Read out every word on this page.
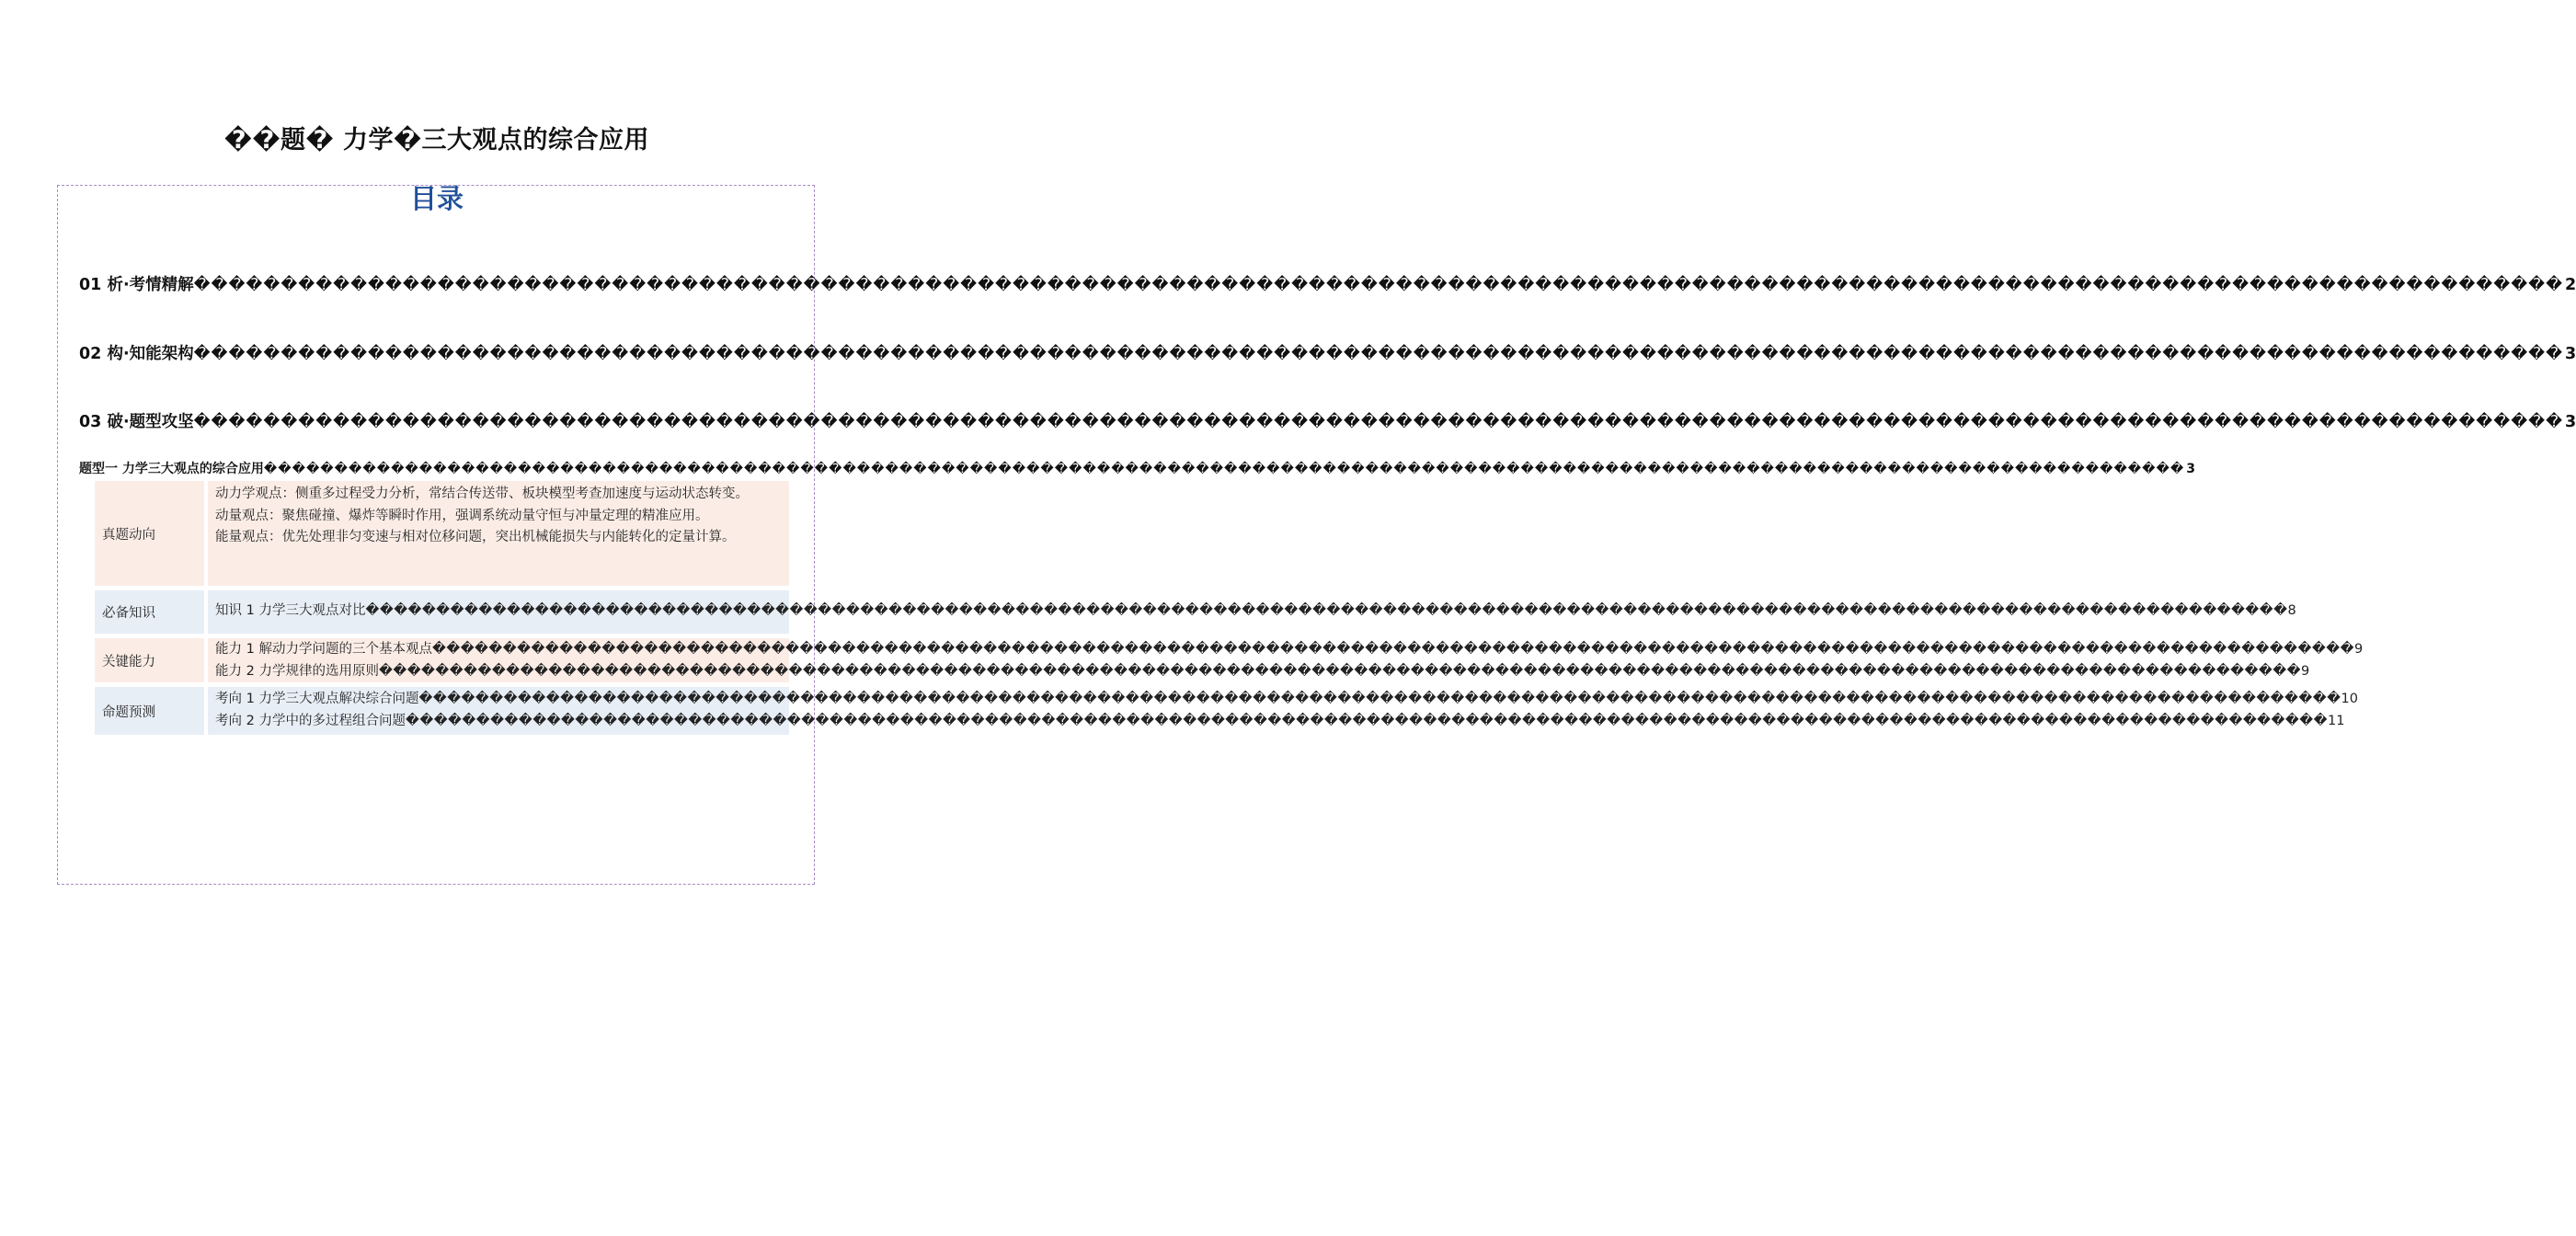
��题� 力学�三大观点的综合应用
目录
01 析·考情精解 ���������������������������������������������������������������������������������������������������������������������������������������� 2
02 构·知能架构 ���������������������������������������������������������������������������������������������������������������������������������������� 3
03 破·题型攻坚 ���������������������������������������������������������������������������������������������������������������������������������������� 3
题型一 力学三大观点的综合应用 ���������������������������������������������������������������������������������������������������������������������������������������� 3
真题动向
动力学观点：侧重多过程受力分析，常结合传送带、板块模型考查加速度与运动状态转变。
动量观点：聚焦碰撞、爆炸等瞬时作用，强调系统动量守恒与冲量定理的精准应用。
能量观点：优先处理非匀变速与相对位移问题，突出机械能损失与内能转化的定量计算。
必备知识	知识 1 力学三大观点对比 ���������������������������������������������������������������������������������������������������������������������������������������� 8
关键能力
能力 1 解动力学问题的三个基本观点 ���������������������������������������������������������������������������������������������������������������������������������������� 9
能力 2 力学规律的选用原则 ���������������������������������������������������������������������������������������������������������������������������������������� 9
命题预测
考向 1 力学三大观点解决综合问题 ���������������������������������������������������������������������������������������������������������������������������������������� 10
考向 2 力学中的多过程组合问题 ���������������������������������������������������������������������������������������������������������������������������������������� 11
